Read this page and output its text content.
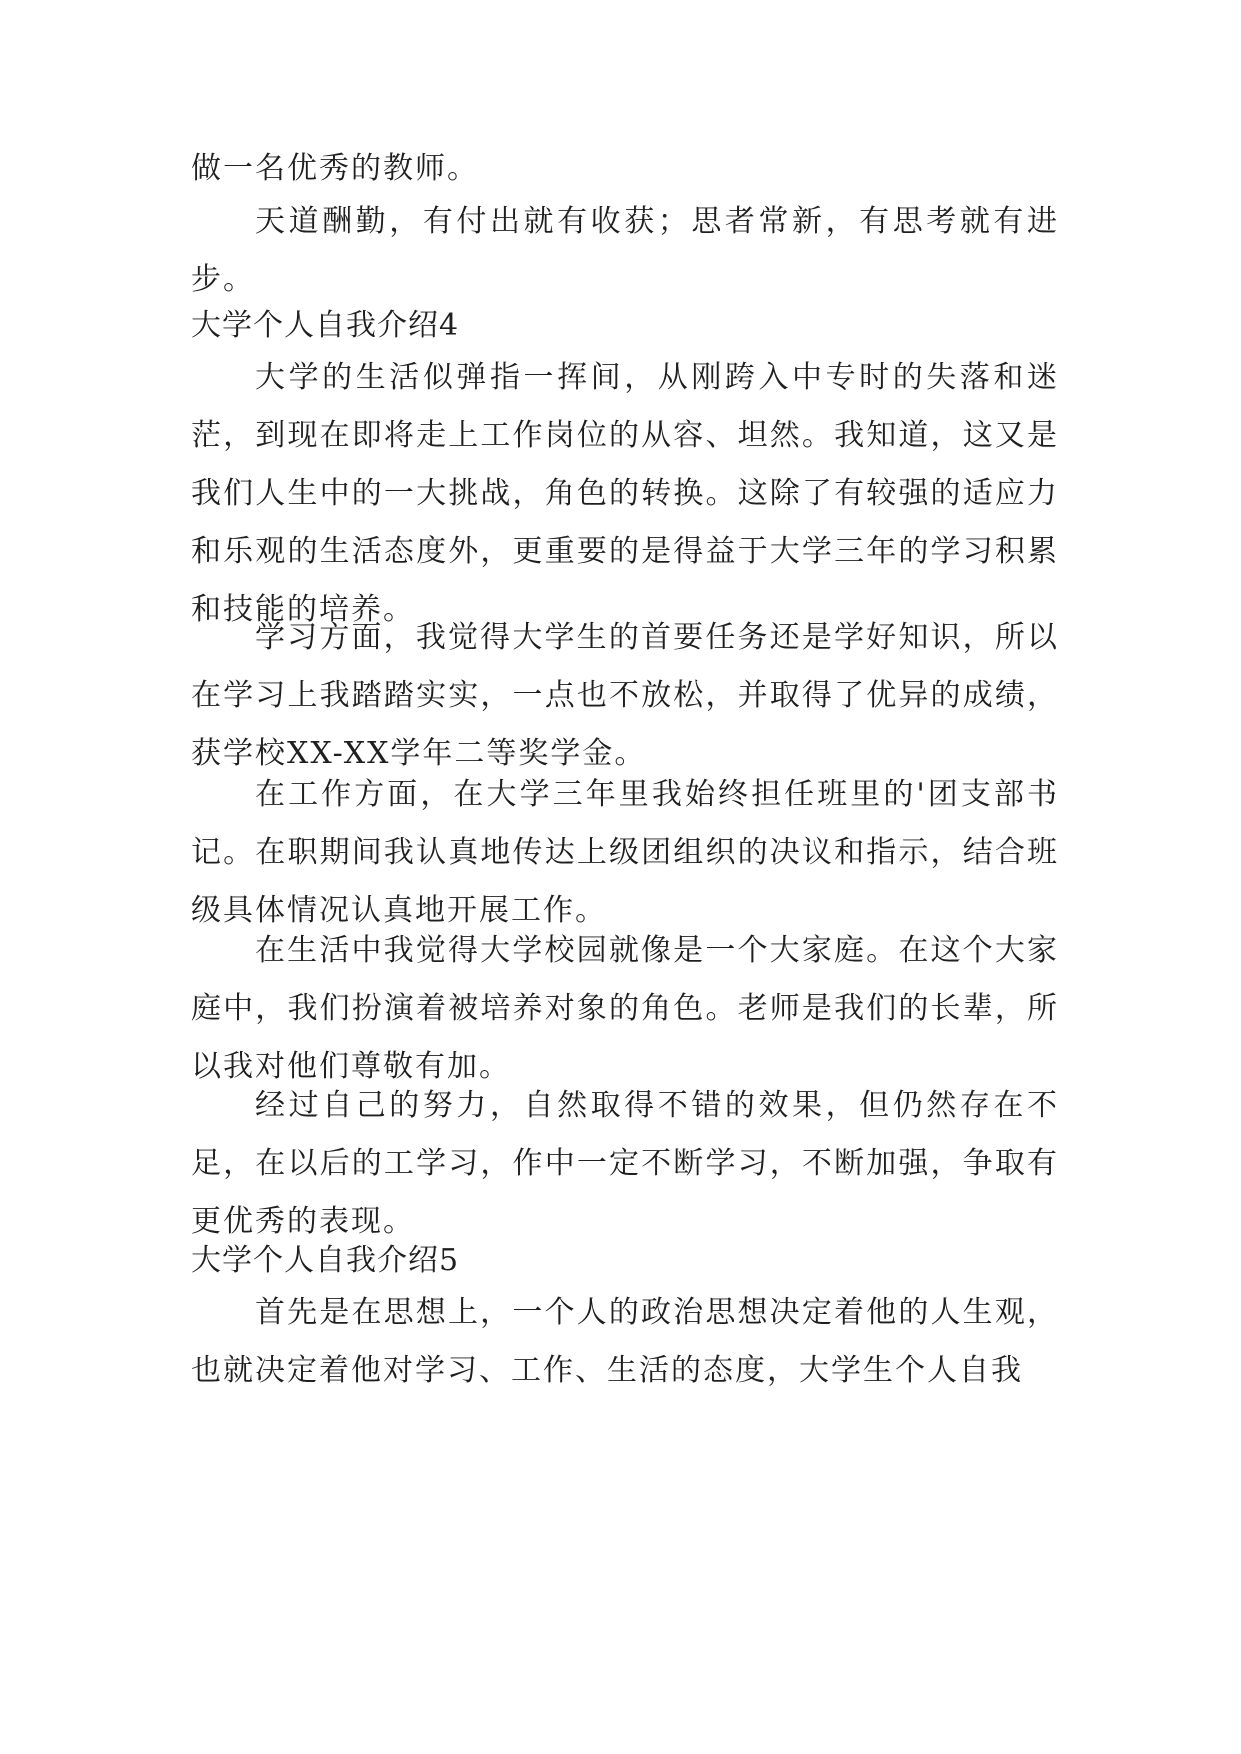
做一名优秀的教师。

天道酬勤，有付出就有收获；思者常新，有思考就有进步。

大学个人自我介绍4

大学的生活似弹指一挥间，从刚跨入中专时的失落和迷茫，到现在即将走上工作岗位的从容、坦然。我知道，这又是我们人生中的一大挑战，角色的转换。这除了有较强的适应力和乐观的生活态度外，更重要的是得益于大学三年的学习积累和技能的培养。

学习方面，我觉得大学生的首要任务还是学好知识，所以在学习上我踏踏实实，一点也不放松，并取得了优异的成绩，获学校XX-XX学年二等奖学金。

在工作方面，在大学三年里我始终担任班里的'团支部书记。在职期间我认真地传达上级团组织的决议和指示，结合班级具体情况认真地开展工作。

在生活中我觉得大学校园就像是一个大家庭。在这个大家庭中，我们扮演着被培养对象的角色。老师是我们的长辈，所以我对他们尊敬有加。

经过自己的努力，自然取得不错的效果，但仍然存在不足，在以后的工学习，作中一定不断学习，不断加强，争取有更优秀的表现。

大学个人自我介绍5

首先是在思想上，一个人的政治思想决定着他的人生观，也就决定着他对学习、工作、生活的态度，大学生个人自我
